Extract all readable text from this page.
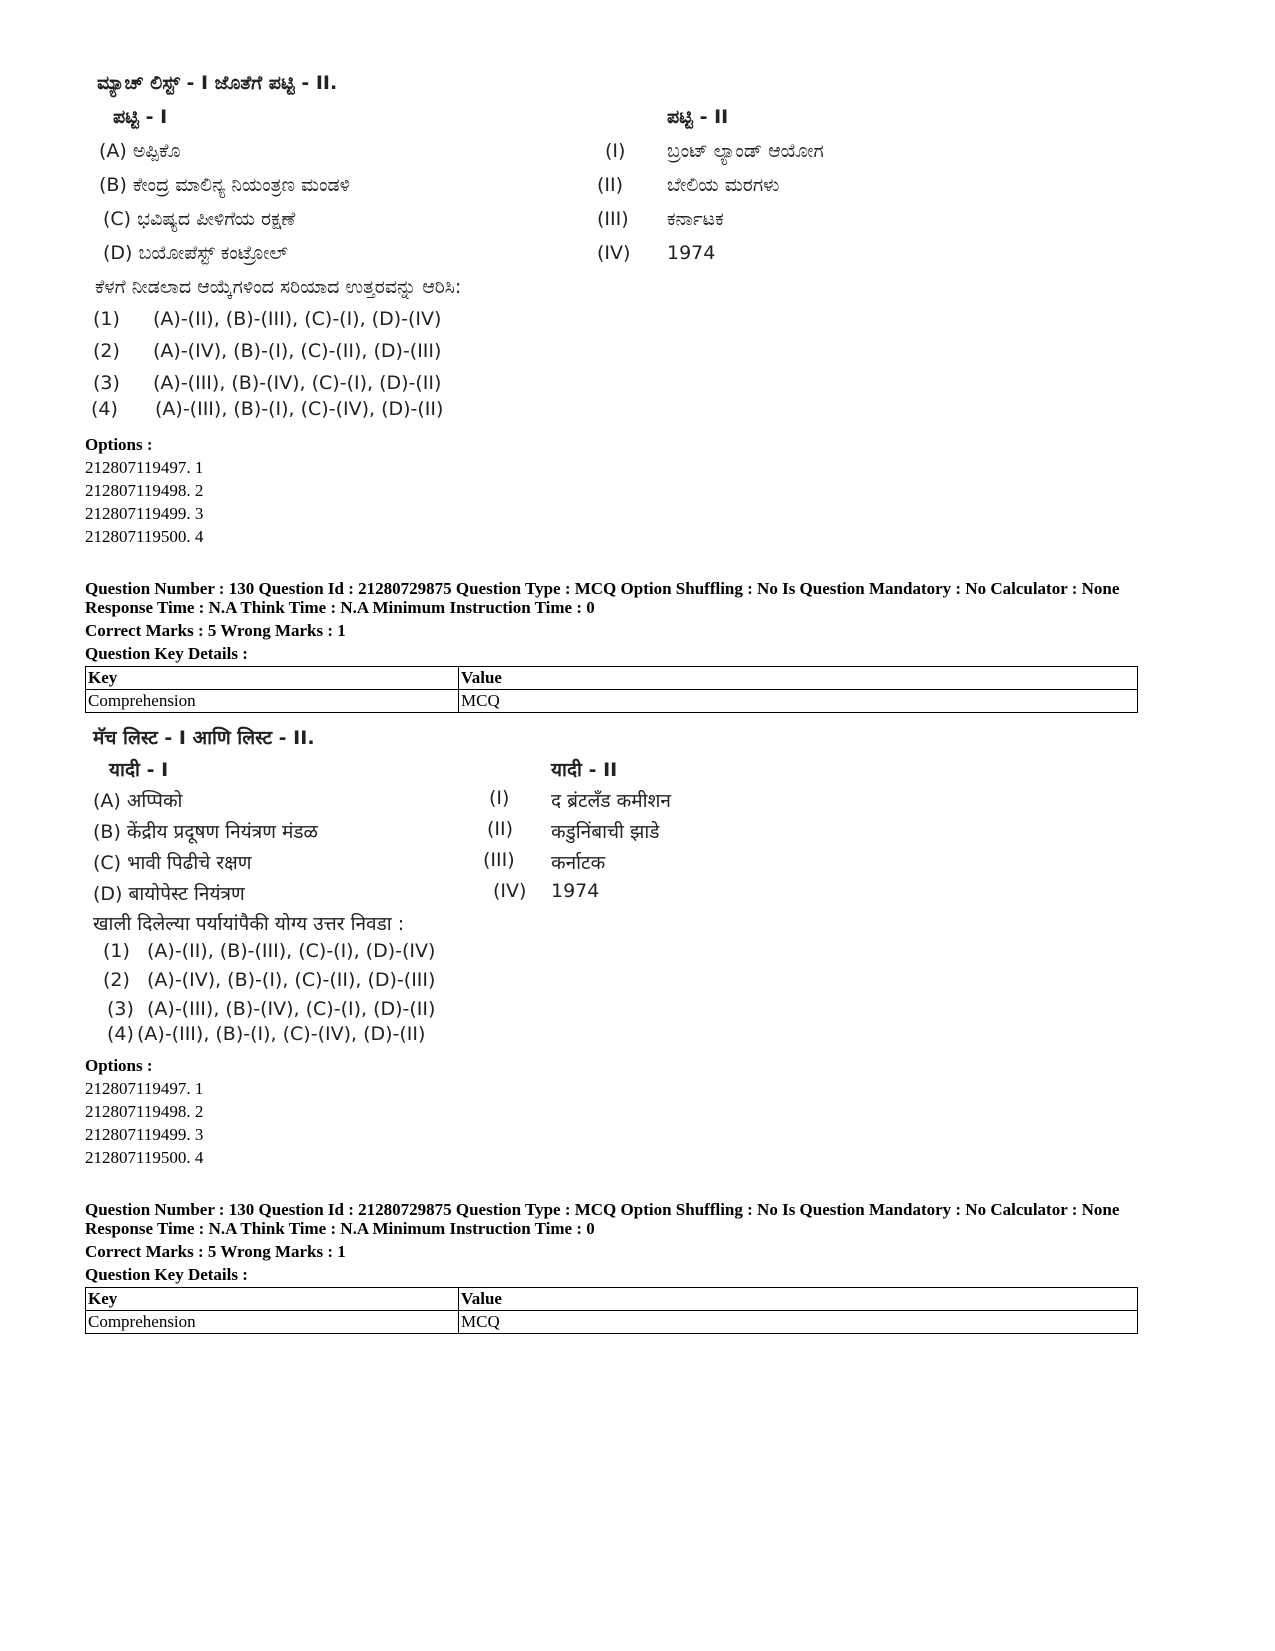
ಮ್ಯಾಚ್ ಲಿಸ್ಟ್ - I ಜೊತೆಗೆ ಪಟ್ಟಿ - II.
ಪಟ್ಟಿ - I	ಪಟ್ಟಿ - II
(A) ಅಪ್ಪಿಕೊ	(I) ಬ್ರಂಟ್ ಲ್ಯಾಂಡ್ ಆಯೋಗ
(B) ಕೇಂದ್ರ ಮಾಲಿನ್ಯ ನಿಯಂತ್ರಣ ಮಂಡಳಿ	(II) ಬೇಲಿಯ ಮರಗಳು
(C) ಭವಿಷ್ಯದ ಪೀಳಿಗೆಯ ರಕ್ಷಣೆ	(III) ಕರ್ನಾಟಕ
(D) ಬಯೋಪೆಸ್ಟ್ ಕಂಟ್ರೋಲ್	(IV) 1974
ಕೆಳಗೆ ನೀಡಲಾದ ಆಯ್ಕೆಗಳಿಂದ ಸರಿಯಾದ ಉತ್ತರವನ್ನು ಆರಿಸಿ:
(1) (A)-(II), (B)-(III), (C)-(I), (D)-(IV)
(2) (A)-(IV), (B)-(I), (C)-(II), (D)-(III)
(3) (A)-(III), (B)-(IV), (C)-(I), (D)-(II)
(4) (A)-(III), (B)-(I), (C)-(IV), (D)-(II)
Options :
212807119497. 1
212807119498. 2
212807119499. 3
212807119500. 4
Question Number : 130 Question Id : 21280729875 Question Type : MCQ Option Shuffling : No Is Question Mandatory : No Calculator : None
Response Time : N.A Think Time : N.A Minimum Instruction Time : 0
Correct Marks : 5 Wrong Marks : 1
Question Key Details :
Key	Value
Comprehension	MCQ
मॅच लिस्ट - I आणि लिस्ट - II.
यादी - I	यादी - II
(A) अप्पिको	(I) द ब्रंटलँड कमीशन
(B) केंद्रीय प्रदूषण नियंत्रण मंडळ	(II) कडुनिंबाची झाडे
(C) भावी पिढीचे रक्षण	(III) कर्नाटक
(D) बायोपेस्ट नियंत्रण	(IV) 1974
खाली दिलेल्या पर्यायांपैकी योग्य उत्तर निवडा :
(1) (A)-(II), (B)-(III), (C)-(I), (D)-(IV)
(2) (A)-(IV), (B)-(I), (C)-(II), (D)-(III)
(3) (A)-(III), (B)-(IV), (C)-(I), (D)-(II)
(4) (A)-(III), (B)-(I), (C)-(IV), (D)-(II)
Options :
212807119497. 1
212807119498. 2
212807119499. 3
212807119500. 4
Question Number : 130 Question Id : 21280729875 Question Type : MCQ Option Shuffling : No Is Question Mandatory : No Calculator : None
Response Time : N.A Think Time : N.A Minimum Instruction Time : 0
Correct Marks : 5 Wrong Marks : 1
Question Key Details :
Key	Value
Comprehension	MCQ
